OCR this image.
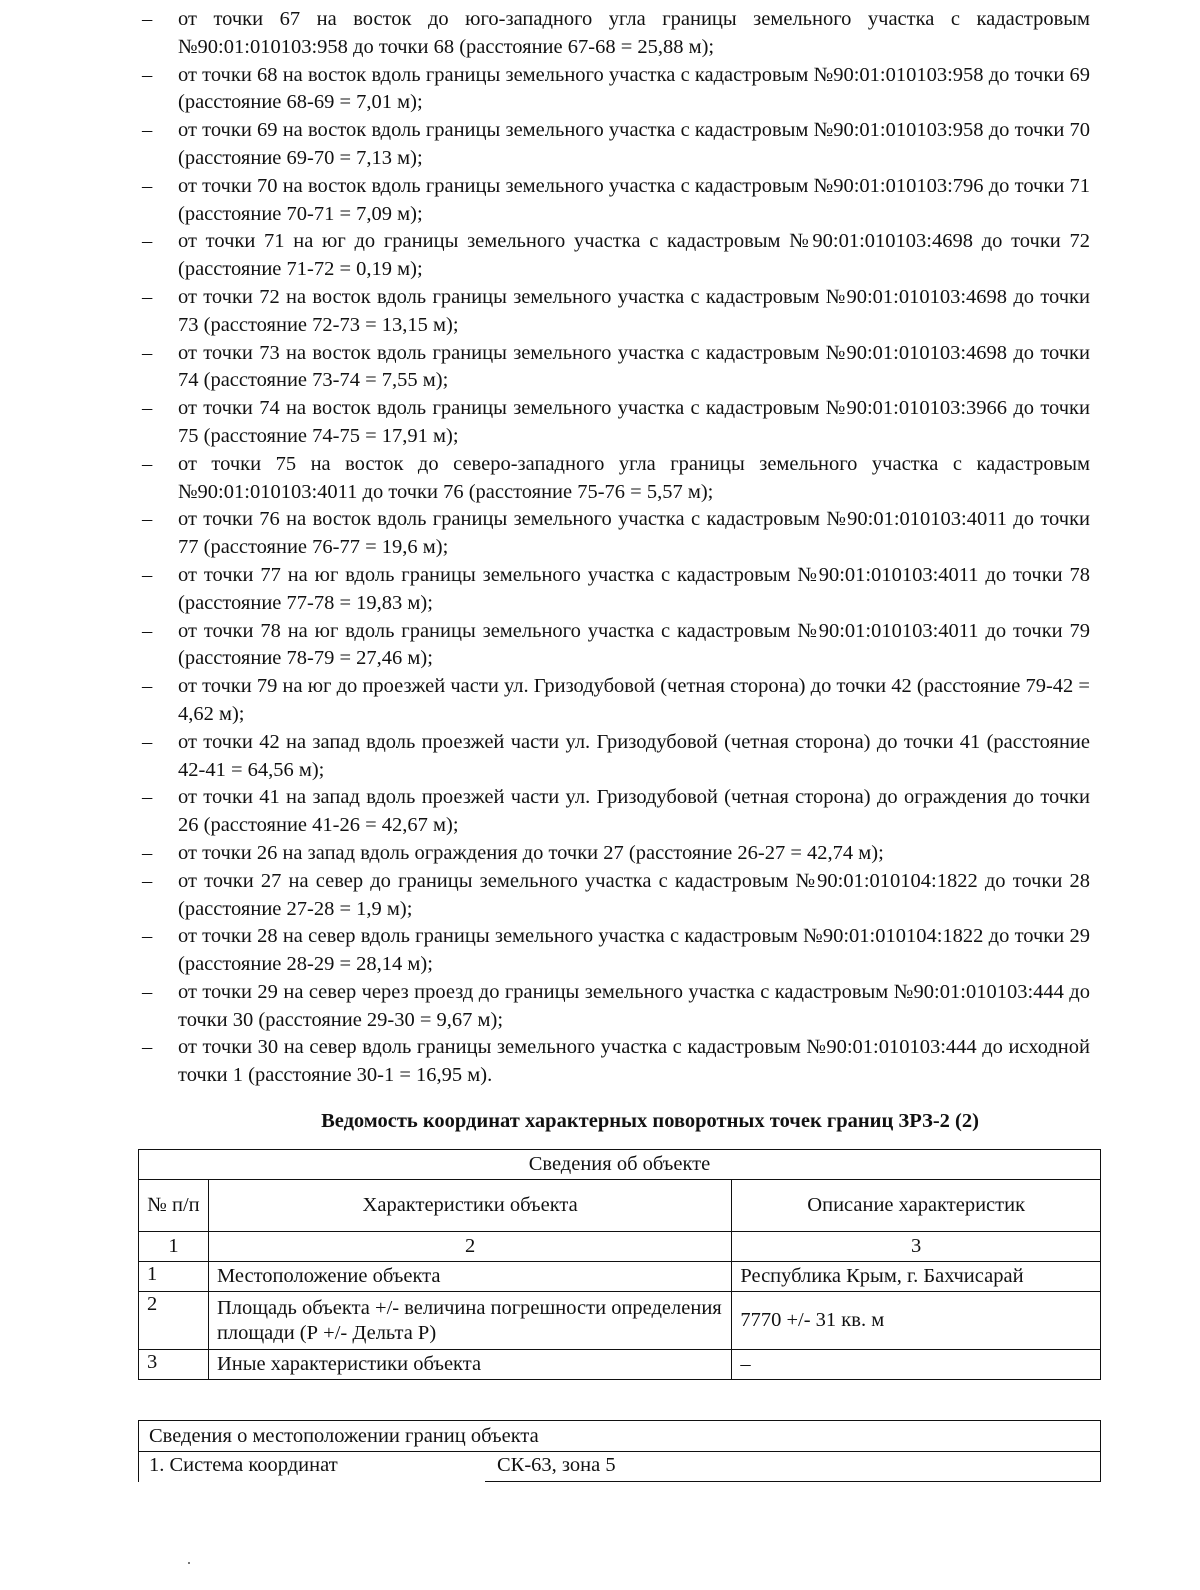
– от точки 67 на восток до юго-западного угла границы земельного участка с кадастровым №90:01:010103:958 до точки 68 (расстояние 67-68 = 25,88 м);
– от точки 68 на восток вдоль границы земельного участка с кадастровым №90:01:010103:958 до точки 69 (расстояние 68-69 = 7,01 м);
– от точки 69 на восток вдоль границы земельного участка с кадастровым №90:01:010103:958 до точки 70 (расстояние 69-70 = 7,13 м);
– от точки 70 на восток вдоль границы земельного участка с кадастровым №90:01:010103:796 до точки 71 (расстояние 70-71 = 7,09 м);
– от точки 71 на юг до границы земельного участка с кадастровым №90:01:010103:4698 до точки 72 (расстояние 71-72 = 0,19 м);
– от точки 72 на восток вдоль границы земельного участка с кадастровым №90:01:010103:4698 до точки 73 (расстояние 72-73 = 13,15 м);
– от точки 73 на восток вдоль границы земельного участка с кадастровым №90:01:010103:4698 до точки 74 (расстояние 73-74 = 7,55 м);
– от точки 74 на восток вдоль границы земельного участка с кадастровым №90:01:010103:3966 до точки 75 (расстояние 74-75 = 17,91 м);
– от точки 75 на восток до северо-западного угла границы земельного участка с кадастровым №90:01:010103:4011 до точки 76 (расстояние 75-76 = 5,57 м);
– от точки 76 на восток вдоль границы земельного участка с кадастровым №90:01:010103:4011 до точки 77 (расстояние 76-77 = 19,6 м);
– от точки 77 на юг вдоль границы земельного участка с кадастровым №90:01:010103:4011 до точки 78 (расстояние 77-78 = 19,83 м);
– от точки 78 на юг вдоль границы земельного участка с кадастровым №90:01:010103:4011 до точки 79 (расстояние 78-79 = 27,46 м);
– от точки 79 на юг до проезжей части ул. Гризодубовой (четная сторона) до точки 42 (расстояние 79-42 = 4,62 м);
– от точки 42 на запад вдоль проезжей части ул. Гризодубовой (четная сторона) до точки 41 (расстояние 42-41 = 64,56 м);
– от точки 41 на запад вдоль проезжей части ул. Гризодубовой (четная сторона) до ограждения до точки 26 (расстояние 41-26 = 42,67 м);
– от точки 26 на запад вдоль ограждения до точки 27 (расстояние 26-27 = 42,74 м);
– от точки 27 на север до границы земельного участка с кадастровым №90:01:010104:1822 до точки 28 (расстояние 27-28 = 1,9 м);
– от точки 28 на север вдоль границы земельного участка с кадастровым №90:01:010104:1822 до точки 29 (расстояние 28-29 = 28,14 м);
– от точки 29 на север через проезд до границы земельного участка с кадастровым №90:01:010103:444 до точки 30 (расстояние 29-30 = 9,67 м);
– от точки 30 на север вдоль границы земельного участка с кадастровым №90:01:010103:444 до исходной точки 1 (расстояние 30-1 = 16,95 м).
Ведомость координат характерных поворотных точек границ ЗРЗ-2 (2)
Сведения об объекте		
№ п/п	Характеристики объекта	Описание характеристик
1	2	3
1	Местоположение объекта	Республика Крым, г. Бахчисарай
2	Площадь объекта +/- величина погрешности определения площади (Р +/- Дельта Р)	7770 +/- 31 кв. м
3	Иные характеристики объекта	–
Сведения о местоположении границ объекта
1. Система координат	СК-63, зона 5
